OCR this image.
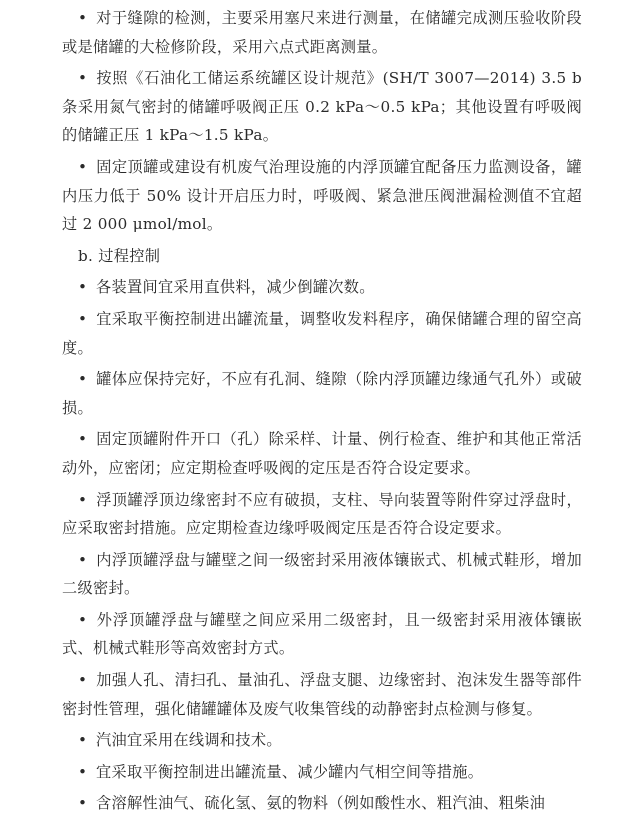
• 对于缝隙的检测，主要采用塞尺来进行测量，在储罐完成测压验收阶段或是储罐的大检修阶段，采用六点式距离测量。

• 按照《石油化工储运系统罐区设计规范》(SH/T 3007—2014) 3.5 b 条采用氮气密封的储罐呼吸阀正压 0.2 kPa～0.5 kPa；其他设置有呼吸阀的储罐正压 1 kPa～1.5 kPa。

• 固定顶罐或建设有机废气治理设施的内浮顶罐宜配备压力监测设备，罐内压力低于 50% 设计开启压力时，呼吸阀、紧急泄压阀泄漏检测值不宜超过 2 000 μmol/mol。

b. 过程控制

• 各装置间宜采用直供料，减少倒罐次数。

• 宜采取平衡控制进出罐流量，调整收发料程序，确保储罐合理的留空高度。

• 罐体应保持完好，不应有孔洞、缝隙（除内浮顶罐边缘通气孔外）或破损。

• 固定顶罐附件开口（孔）除采样、计量、例行检查、维护和其他正常活动外，应密闭；应定期检查呼吸阀的定压是否符合设定要求。

• 浮顶罐浮顶边缘密封不应有破损，支柱、导向装置等附件穿过浮盘时，应采取密封措施。应定期检查边缘呼吸阀定压是否符合设定要求。

• 内浮顶罐浮盘与罐壁之间一级密封采用液体镶嵌式、机械式鞋形，增加二级密封。

• 外浮顶罐浮盘与罐壁之间应采用二级密封，且一级密封采用液体镶嵌式、机械式鞋形等高效密封方式。

• 加强人孔、清扫孔、量油孔、浮盘支腿、边缘密封、泡沫发生器等部件密封性管理，强化储罐罐体及废气收集管线的动静密封点检测与修复。

• 汽油宜采用在线调和技术。

• 宜采取平衡控制进出罐流量、减少罐内气相空间等措施。

• 含溶解性油气、硫化氢、氨的物料（例如酸性水、粗汽油、粗柴油
